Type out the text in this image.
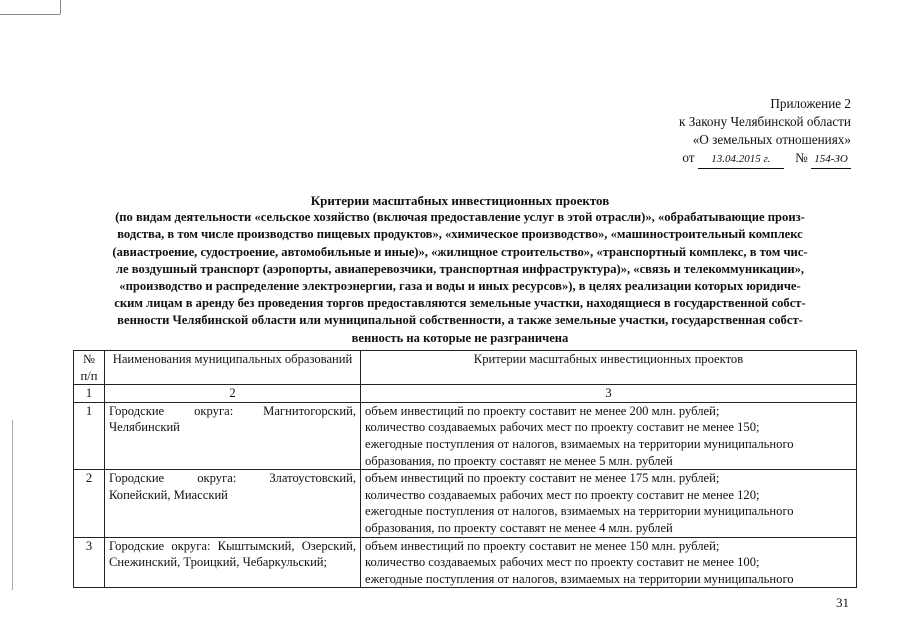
Приложение 2
к Закону Челябинской области
«О земельных отношениях»
от 13.04.2015 г. № 154-ЗО
Критерии масштабных инвестиционных проектов
(по видам деятельности «сельское хозяйство (включая предоставление услуг в этой отрасли)», «обрабатывающие произ-
водства, в том числе производство пищевых продуктов», «химическое производство», «машиностроительный комплекс
(авиастроение, судостроение, автомобильные и иные)», «жилищное строительство», «транспортный комплекс, в том чис-
ле воздушный транспорт (аэропорты, авиаперевозчики, транспортная инфраструктура)», «связь и телекоммуникации»,
«производство и распределение электроэнергии, газа и воды и иных ресурсов»), в целях реализации которых юридиче-
ским лицам в аренду без проведения торгов предоставляются земельные участки, находящиеся в государственной собст-
венности Челябинской области или муниципальной собственности, а также земельные участки, государственная собст-
венность на которые не разграничена
№ п/п	Наименования муниципальных образований	Критерии масштабных инвестиционных проектов
1	2	3
1	Городские округа: Магнитогорский, Челябинский	объем инвестиций по проекту составит не менее 200 млн. рублей;
количество создаваемых рабочих мест по проекту составит не менее 150;
ежегодные поступления от налогов, взимаемых на территории муниципального
образования, по проекту составят не менее 5 млн. рублей

2	Городские округа: Златоустовский, Копейский, Миасский	объем инвестиций по проекту составит не менее 175 млн. рублей;
количество создаваемых рабочих мест по проекту составит не менее 120;
ежегодные поступления от налогов, взимаемых на территории муниципального
образования, по проекту составят не менее 4 млн. рублей

3	Городские округа: Кыштымский, Озерский, Снежинский, Троицкий, Чебаркульский;	объем инвестиций по проекту составит не менее 150 млн. рублей;
количество создаваемых рабочих мест по проекту составит не менее 100;
ежегодные поступления от налогов, взимаемых на территории муниципального
31
